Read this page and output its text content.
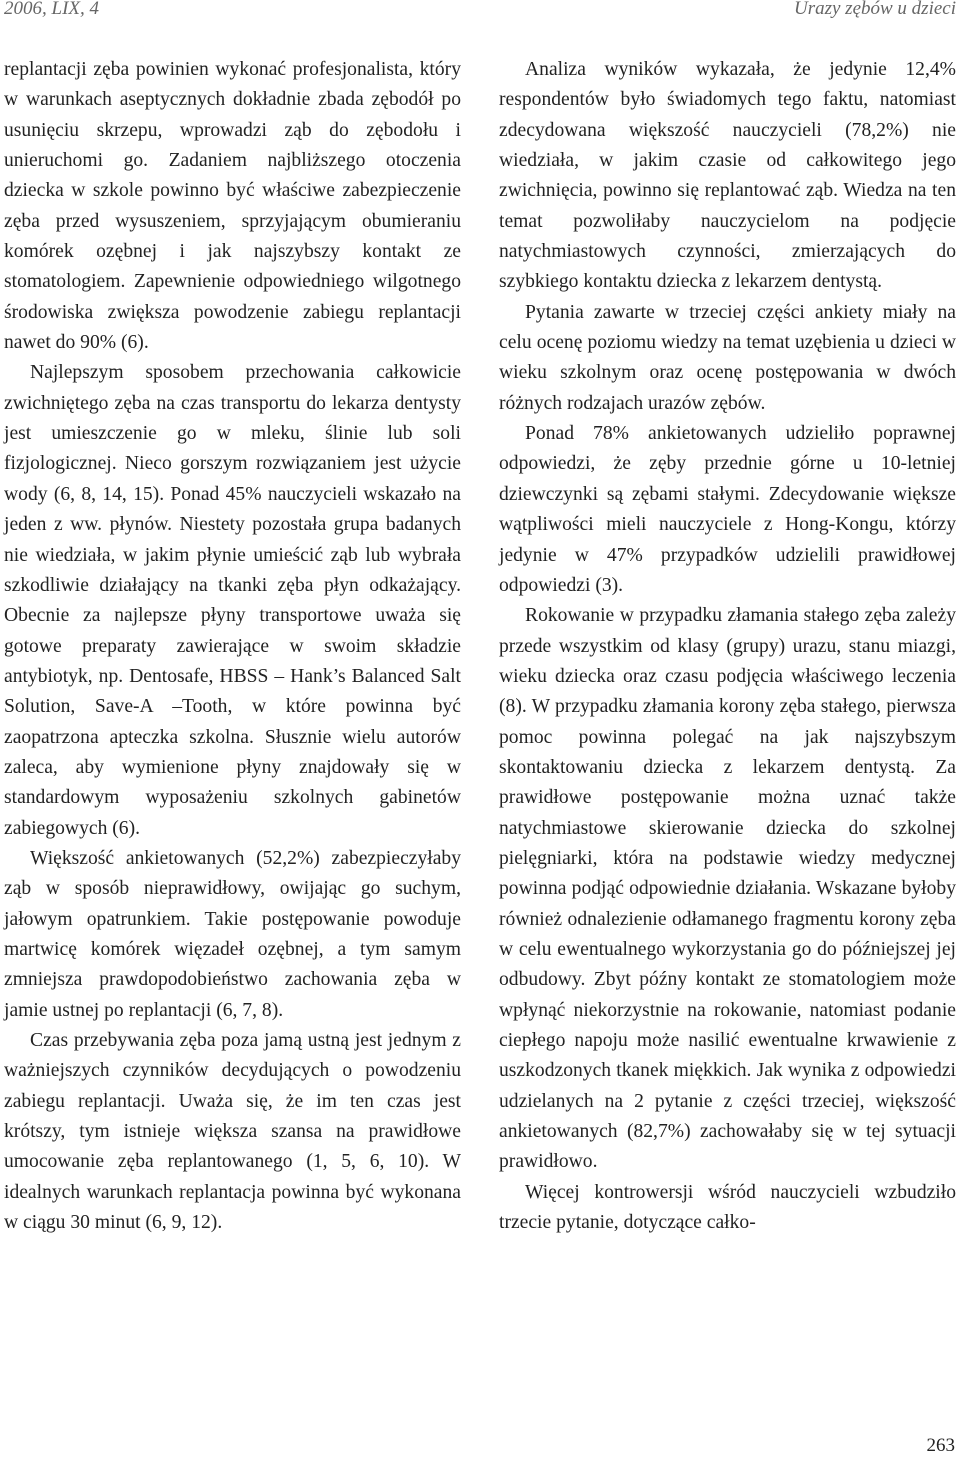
2006, LIX, 4	Urazy zębów u dzieci

replantacji zęba powinien wykonać profesjonalista, który w warunkach aseptycznych dokładnie zbada zębodół po usunięciu skrzepu, wprowadzi ząb do zębodołu i unieruchomi go. Zadaniem najbliższego otoczenia dziecka w szkole powinno być właściwe zabezpieczenie zęba przed wysuszeniem, sprzyjającym obumieraniu komórek ozębnej i jak najszybszy kontakt ze stomatologiem. Zapewnienie odpowiedniego wilgotnego środowiska zwiększa powodzenie zabiegu replantacji nawet do 90% (6).

Najlepszym sposobem przechowania całkowicie zwichniętego zęba na czas transportu do lekarza dentysty jest umieszczenie go w mleku, ślinie lub soli fizjologicznej. Nieco gorszym rozwiązaniem jest użycie wody (6, 8, 14, 15). Ponad 45% nauczycieli wskazało na jeden z ww. płynów. Niestety pozostała grupa badanych nie wiedziała, w jakim płynie umieścić ząb lub wybrała szkodliwie działający na tkanki zęba płyn odkażający. Obecnie za najlepsze płyny transportowe uważa się gotowe preparaty zawierające w swoim składzie antybiotyk, np. Dentosafe, HBSS – Hank’s Balanced Salt Solution, Save-A –Tooth, w które powinna być zaopatrzona apteczka szkolna. Słusznie wielu autorów zaleca, aby wymienione płyny znajdowały się w standardowym wyposażeniu szkolnych gabinetów zabiegowych (6).

Większość ankietowanych (52,2%) zabezpieczyłaby ząb w sposób nieprawidłowy, owijając go suchym, jałowym opatrunkiem. Takie postępowanie powoduje martwicę komórek więzadeł ozębnej, a tym samym zmniejsza prawdopodobieństwo zachowania zęba w jamie ustnej po replantacji (6, 7, 8).

Czas przebywania zęba poza jamą ustną jest jednym z ważniejszych czynników decydujących o powodzeniu zabiegu replantacji. Uważa się, że im ten czas jest krótszy, tym istnieje większa szansa na prawidłowe umocowanie zęba replantowanego (1, 5, 6, 10). W idealnych warunkach replantacja powinna być wykonana w ciągu 30 minut (6, 9, 12).

Analiza wyników wykazała, że jedynie 12,4% respondentów było świadomych tego faktu, natomiast zdecydowana większość nauczycieli (78,2%) nie wiedziała, w jakim czasie od całkowitego jego zwichnięcia, powinno się replantować ząb. Wiedza na ten temat pozwoliłaby nauczycielom na podjęcie natychmiastowych czynności, zmierzających do szybkiego kontaktu dziecka z lekarzem dentystą.

Pytania zawarte w trzeciej części ankiety miały na celu ocenę poziomu wiedzy na temat uzębienia u dzieci w wieku szkolnym oraz ocenę postępowania w dwóch różnych rodzajach urazów zębów.

Ponad 78% ankietowanych udzieliło poprawnej odpowiedzi, że zęby przednie górne u 10-letniej dziewczynki są zębami stałymi. Zdecydowanie większe wątpliwości mieli nauczyciele z Hong-Kongu, którzy jedynie w 47% przypadków udzielili prawidłowej odpowiedzi (3).

Rokowanie w przypadku złamania stałego zęba zależy przede wszystkim od klasy (grupy) urazu, stanu miazgi, wieku dziecka oraz czasu podjęcia właściwego leczenia (8). W przypadku złamania korony zęba stałego, pierwsza pomoc powinna polegać na jak najszybszym skontaktowaniu dziecka z lekarzem dentystą. Za prawidłowe postępowanie można uznać także natychmiastowe skierowanie dziecka do szkolnej pielęgniarki, która na podstawie wiedzy medycznej powinna podjąć odpowiednie działania. Wskazane byłoby również odnalezienie odłamanego fragmentu korony zęba w celu ewentualnego wykorzystania go do późniejszej jej odbudowy. Zbyt późny kontakt ze stomatologiem może wpłynąć niekorzystnie na rokowanie, natomiast podanie ciepłego napoju może nasilić ewentualne krwawienie z uszkodzonych tkanek miękkich. Jak wynika z odpowiedzi udzielanych na 2 pytanie z części trzeciej, większość ankietowanych (82,7%) zachowałaby się w tej sytuacji prawidłowo.

Więcej kontrowersji wśród nauczycieli wzbudziło trzecie pytanie, dotyczące całko-

263
